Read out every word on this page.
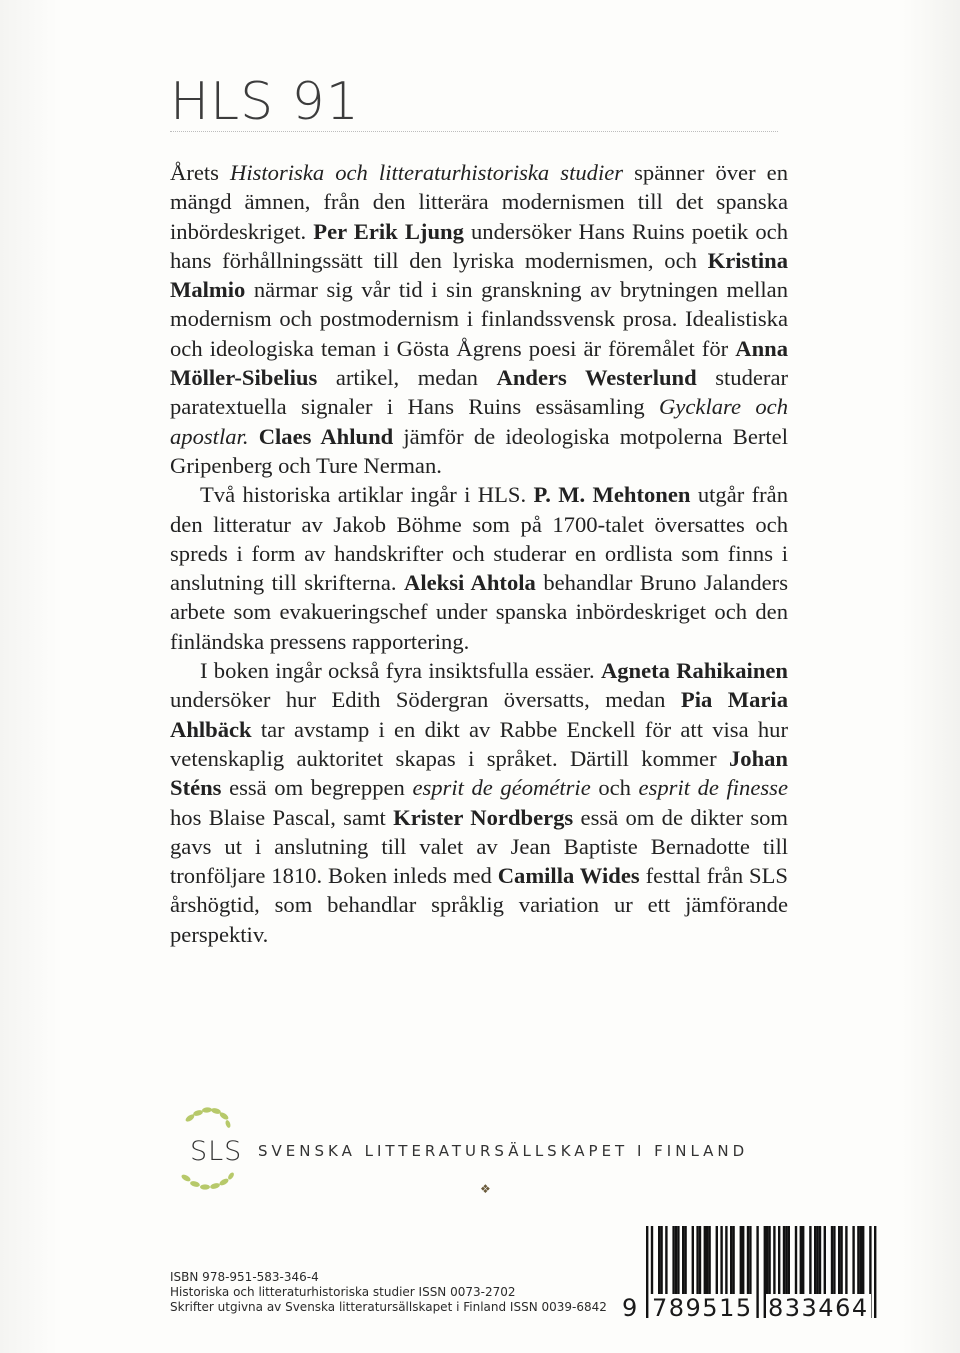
HLS 91

Årets Historiska och litteraturhistoriska studier spänner över en mängd ämnen, från den litterära modernismen till det spanska inbördeskriget. Per Erik Ljung undersöker Hans Ruins poetik och hans förhållningssätt till den lyriska modernismen, och Kristina Malmio närmar sig vår tid i sin granskning av brytningen mellan modernism och postmodernism i finlandssvensk prosa. Idealistiska och ideologiska teman i Gösta Ågrens poesi är föremålet för Anna Möller-Sibelius artikel, medan Anders Westerlund studerar paratextuella signaler i Hans Ruins essäsamling Gycklare och apostlar. Claes Ahlund jämför de ideologiska motpolerna Bertel Gripenberg och Ture Nerman.

Två historiska artiklar ingår i HLS. P. M. Mehtonen utgår från den litteratur av Jakob Böhme som på 1700-talet översattes och spreds i form av handskrifter och studerar en ordlista som finns i anslutning till skrifterna. Aleksi Ahtola behandlar Bruno Jalanders arbete som evakueringschef under spanska inbördeskriget och den finländska pressens rapportering.

I boken ingår också fyra insiktsfulla essäer. Agneta Rahikainen undersöker hur Edith Södergran översatts, medan Pia Maria Ahlbäck tar avstamp i en dikt av Rabbe Enckell för att visa hur vetenskaplig auktoritet skapas i språket. Därtill kommer Johan Sténs essä om begreppen esprit de géométrie och esprit de finesse hos Blaise Pascal, samt Krister Nordbergs essä om de dikter som gavs ut i anslutning till valet av Jean Baptiste Bernadotte till tronföljare 1810. Boken inleds med Camilla Wides festtal från SLS årshögtid, som behandlar språklig variation ur ett jämförande perspektiv.

SLS SVENSKA LITTERATURSÄLLSKAPET I FINLAND
❖
ISBN 978-951-583-346-4
Historiska och litteraturhistoriska studier ISSN 0073-2702
Skrifter utgivna av Svenska litteratursällskapet i Finland ISSN 0039-6842 9 789515 833464
